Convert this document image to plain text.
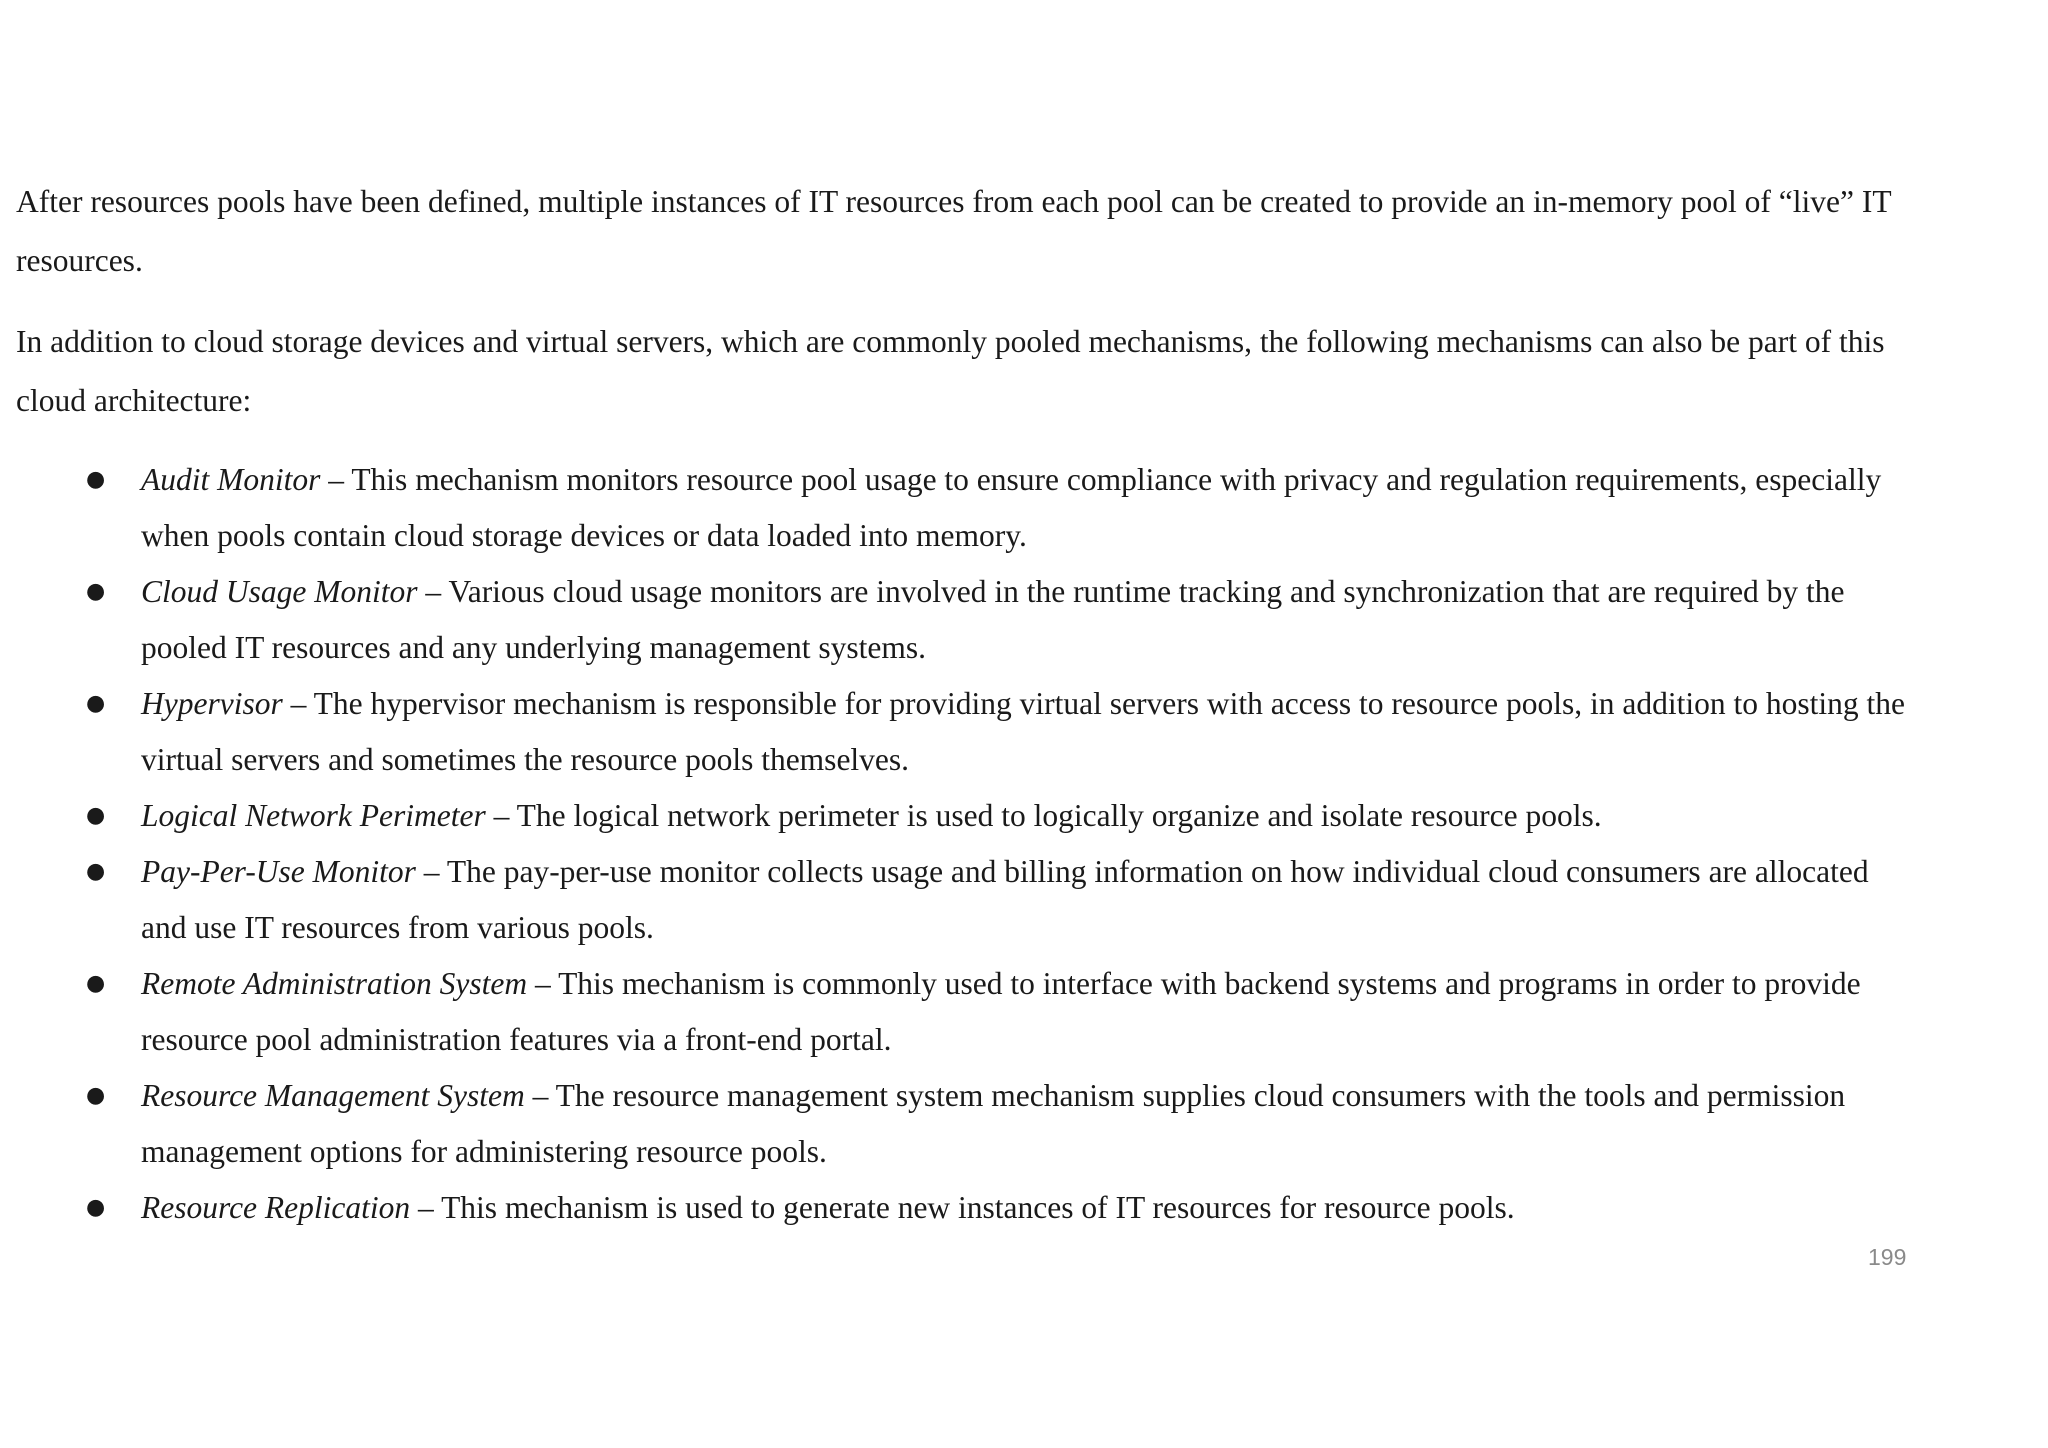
After resources pools have been defined, multiple instances of IT resources from each pool can be created to provide an in-memory pool of “live” IT resources.

In addition to cloud storage devices and virtual servers, which are commonly pooled mechanisms, the following mechanisms can also be part of this cloud architecture:

● Audit Monitor – This mechanism monitors resource pool usage to ensure compliance with privacy and regulation requirements, especially when pools contain cloud storage devices or data loaded into memory.
● Cloud Usage Monitor – Various cloud usage monitors are involved in the runtime tracking and synchronization that are required by the pooled IT resources and any underlying management systems.
● Hypervisor – The hypervisor mechanism is responsible for providing virtual servers with access to resource pools, in addition to hosting the virtual servers and sometimes the resource pools themselves.
● Logical Network Perimeter – The logical network perimeter is used to logically organize and isolate resource pools.
● Pay-Per-Use Monitor – The pay-per-use monitor collects usage and billing information on how individual cloud consumers are allocated and use IT resources from various pools.
● Remote Administration System – This mechanism is commonly used to interface with backend systems and programs in order to provide resource pool administration features via a front-end portal.
● Resource Management System – The resource management system mechanism supplies cloud consumers with the tools and permission management options for administering resource pools.
● Resource Replication – This mechanism is used to generate new instances of IT resources for resource pools.
199
